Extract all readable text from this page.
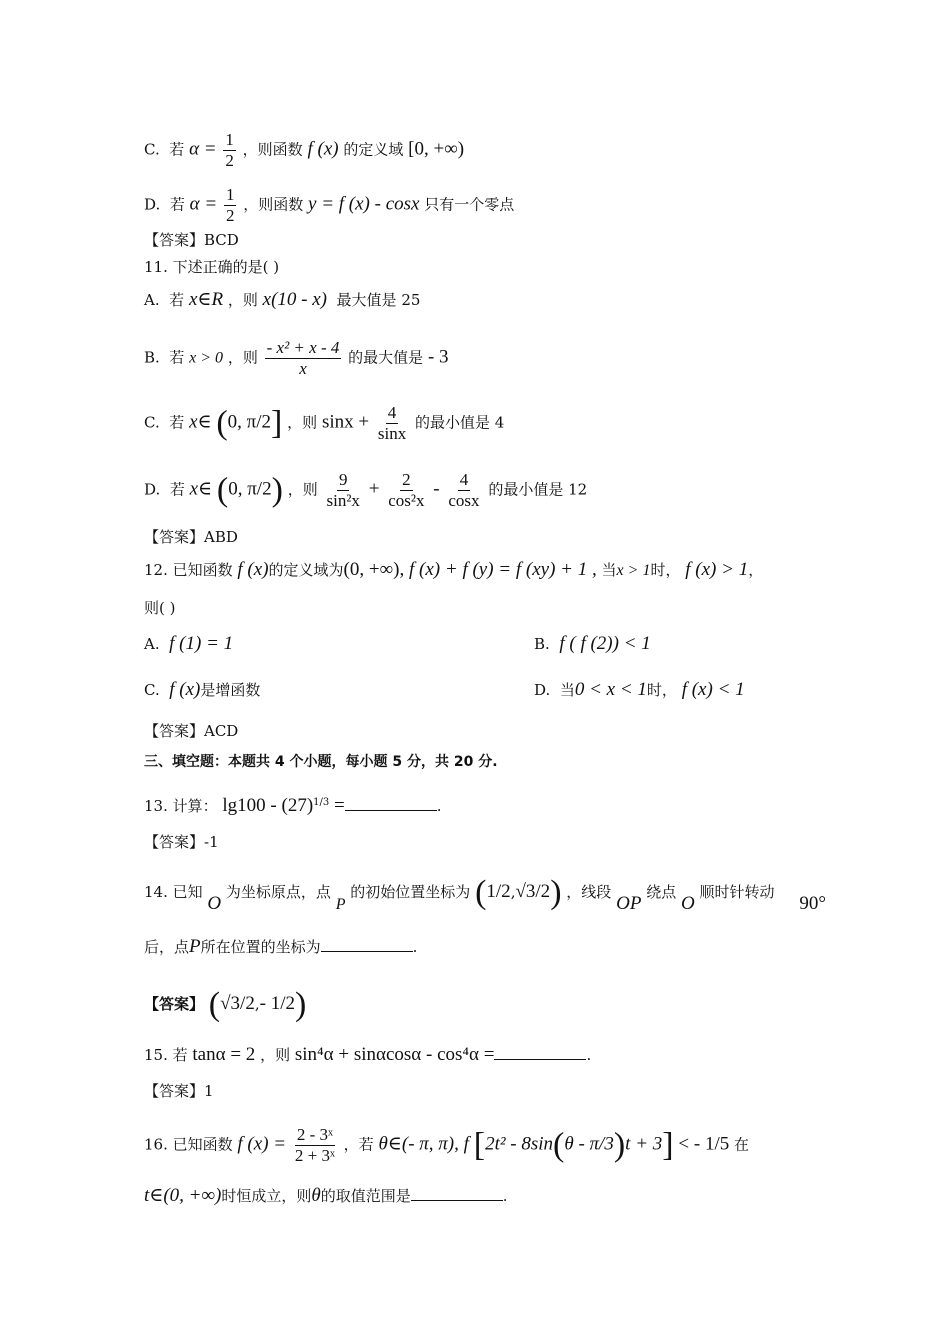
C. 若 $\alpha = \frac{1}{2}$ ，则函数 f (x) 的定义域 [0, +∞)
D. 若 $\alpha = \frac{1}{2}$ ，则函数 y = f (x) - cosx 只有一个零点
【答案】BCD
11. 下述正确的是( )
A. 若 x∈R ，则 x(10 - x) 最大值是 25
B. 若 x > 0 ，则 $\frac{\text{- x² + x - 4}}{x}$ 的最大值是 - 3
C. 若 x∈ (0, π/2] ，则 $\sin x + \frac{4}{\sin x}$ 的最小值是 4
D. 若 x∈ (0, π/2) ，则 $\frac{9}{\text{sin²x}} + \frac{2}{\text{cos²x}} - \frac{4}{\cos x}$ 的最小值是 12
【答案】ABD
12. 已知函数 f (x)的定义域为(0, +∞), f (x) + f (y) = f (xy) + 1 , 当x > 1时， f (x) > 1，
则( )
A. f (1) = 1	B. f ( f (2)) < 1
C. f (x)是增函数	D. 当0 < x < 1时， f (x) < 1
【答案】ACD
三、填空题：本题共 4 个小题，每小题 5 分，共 20 分.
13. 计算： $\lg 100 - (27)^{1/3}$ =	.
【答案】-1
14. 已知 O 为坐标原点，点 P 的初始位置坐标为 (1/2,√3/2) ，线段 OP 绕点 O 顺时针转动 90°
后，点P所在位置的坐标为	.
【答案】 (√3/2,- 1/2)
15. 若 tanα = 2 ，则 sin⁴α + sinαcosα - cos⁴α =	.
【答案】1
16. 已知函数 f $(x) = \frac{\text{2 - 3ˣ}}{\text{2 + 3ˣ}}$ ，若 θ∈(- π, π), f [2t² - 8sin(θ - π/3)t + 3] < - 1/5 在
t∈(0, +∞)时恒成立，则θ的取值范围是	.
